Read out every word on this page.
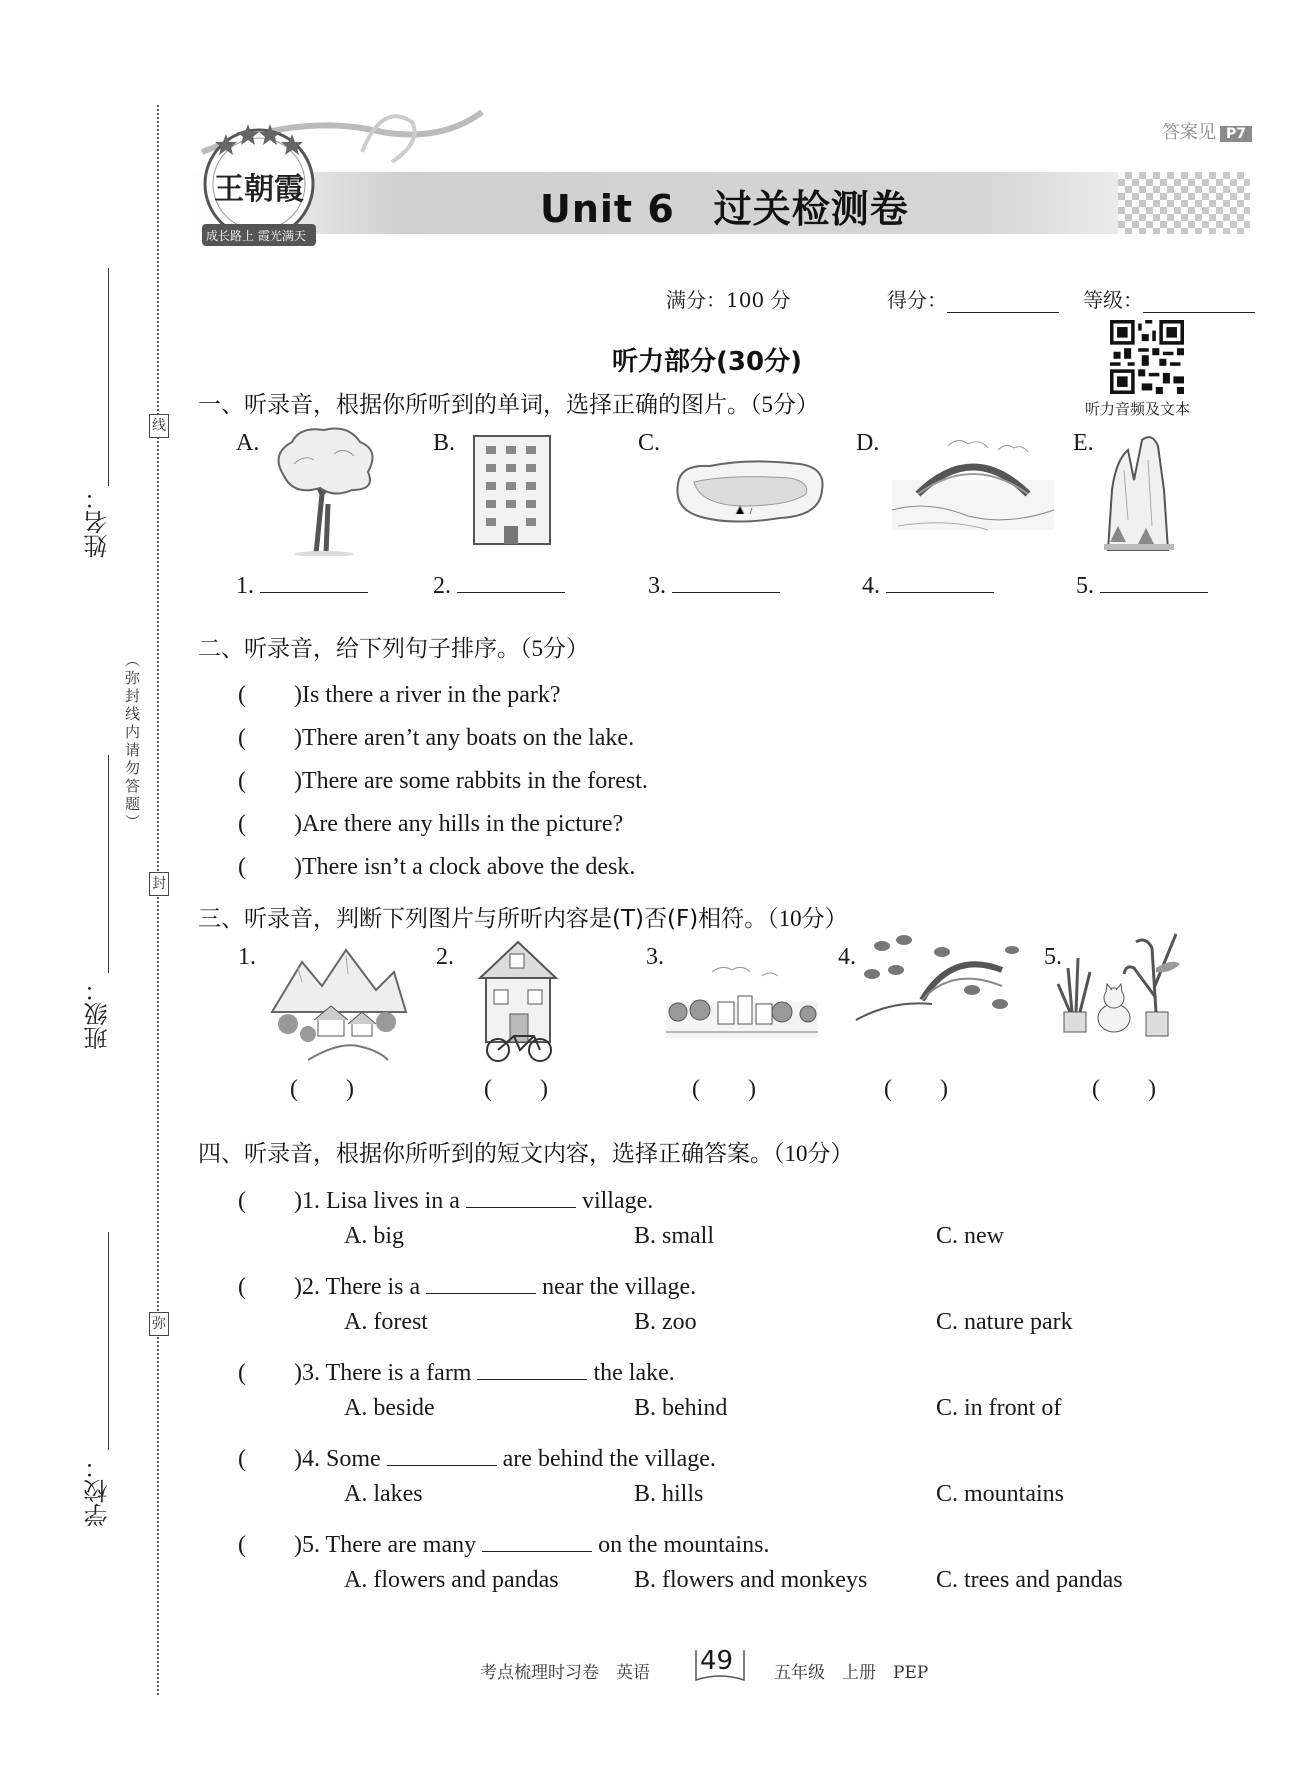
线
封
弥
（弥封线内请勿答题）
姓名：
班级：
学校：
王朝霞
成长路上 霞光满天
答案见 P7
Unit 6　过关检测卷
满分：100 分	得分：	等级：
听力音频及文本
听力部分(30分)
一、听录音，根据你所听到的单词，选择正确的图片。（5分）
A.	B.	C.	D.	E.
1.	2.	3.	4.	5.
二、听录音，给下列句子排序。（5分）
(　　)Is there a river in the park?
(　　)There aren’t any boats on the lake.
(　　)There are some rabbits in the forest.
(　　)Are there any hills in the picture?
(　　)There isn’t a clock above the desk.
三、听录音，判断下列图片与所听内容是(T)否(F)相符。（10分）
1.	2.	3.	4.	5.
(　　)	(　　)	(　　)	(　　)	(　　)
四、听录音，根据你所听到的短文内容，选择正确答案。（10分）
(　　)1. Lisa lives in a	village.
A. big	B. small	C. new
(　　)2. There is a	near the village.
A. forest	B. zoo	C. nature park
(　　)3. There is a farm	the lake.
A. beside	B. behind	C. in front of
(　　)4. Some	are behind the village.
A. lakes	B. hills	C. mountains
(　　)5. There are many	on the mountains.
A. flowers and pandas	B. flowers and monkeys	C. trees and pandas
考点梳理时习卷　英语 49 五年级　上册　PEP
